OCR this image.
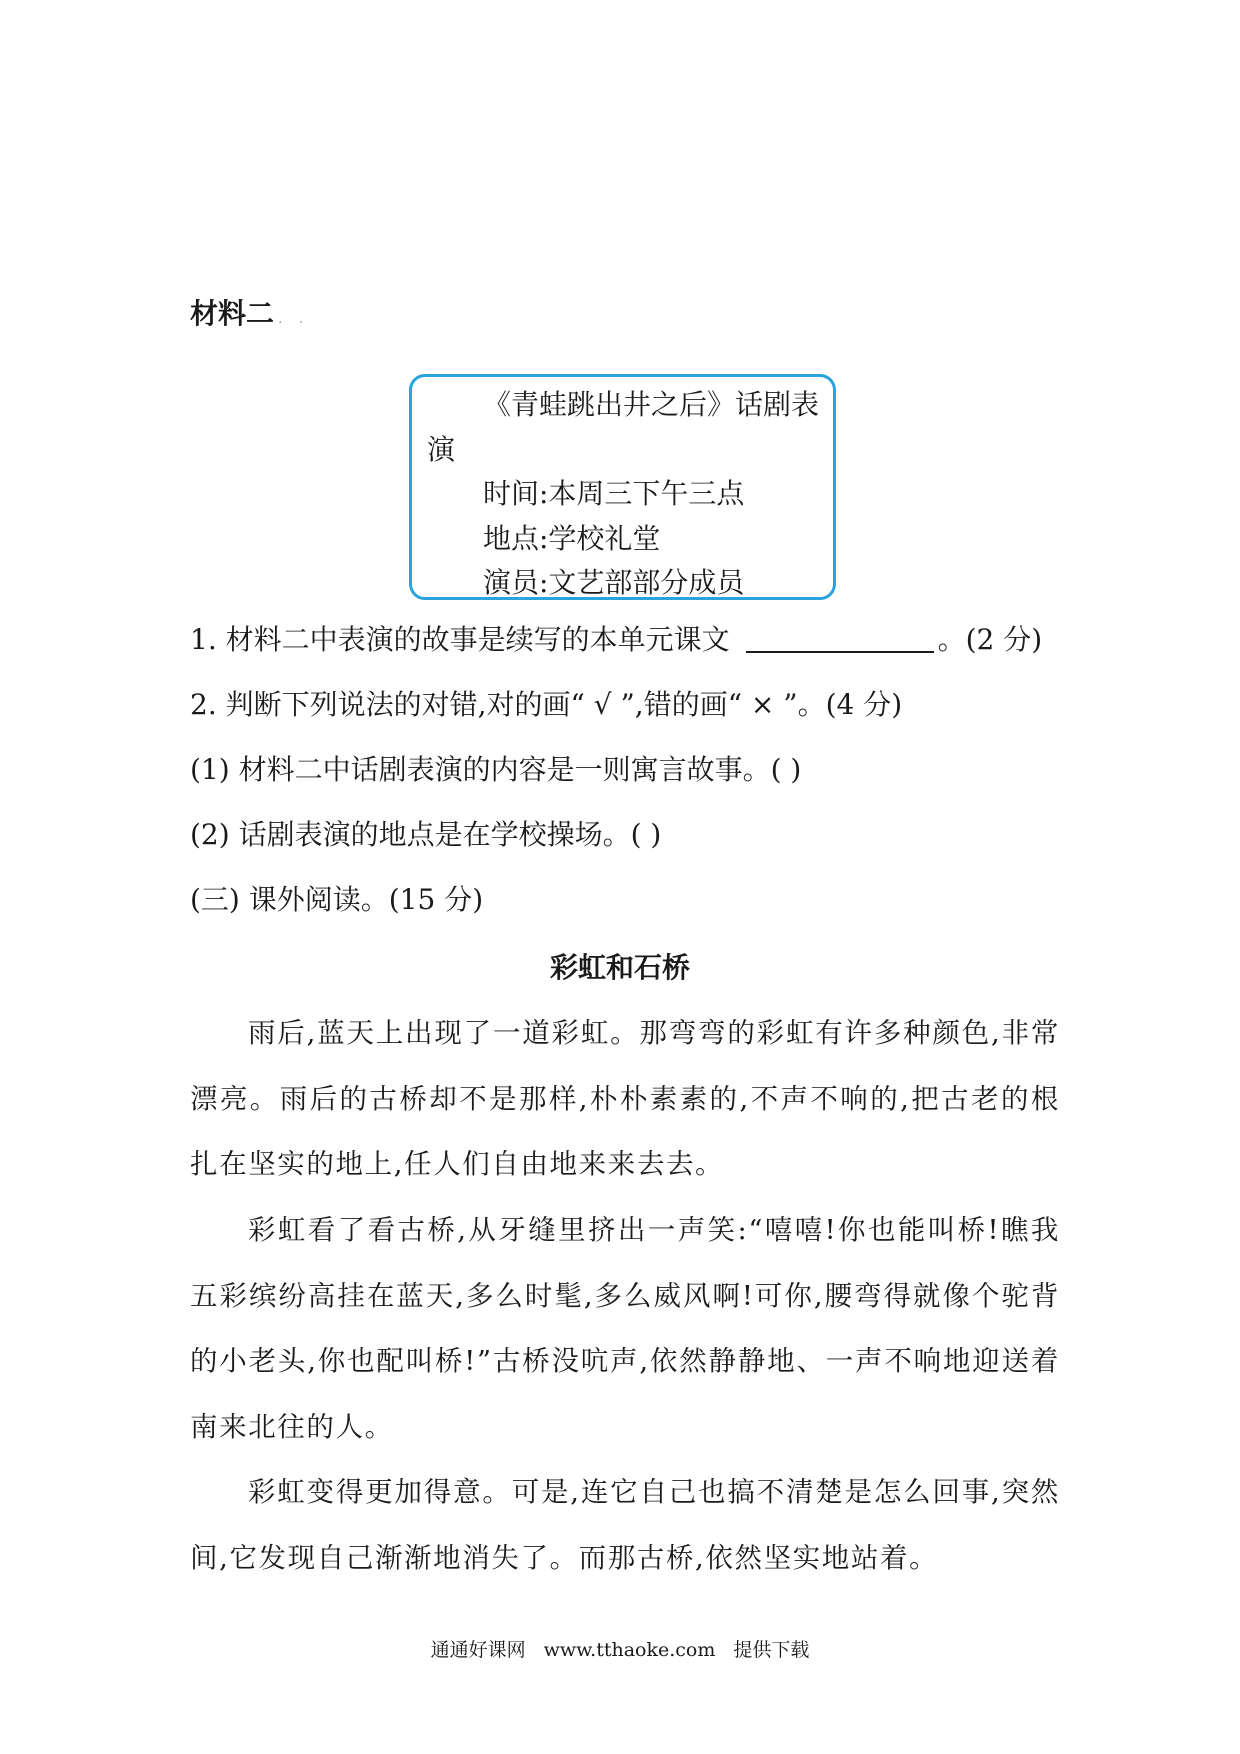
材料二 . .
《青蛙跳出井之后》话剧表演
时间:本周三下午三点
地点:学校礼堂
演员:文艺部部分成员
1. 材料二中表演的故事是续写的本单元课文	。(2 分)
2. 判断下列说法的对错,对的画“ √ ”,错的画“ × ”。(4 分)
(1) 材料二中话剧表演的内容是一则寓言故事。( )
(2) 话剧表演的地点是在学校操场。( )
(三) 课外阅读。(15 分)
彩虹和石桥

雨后,蓝天上出现了一道彩虹。那弯弯的彩虹有许多种颜色,非常漂亮。雨后的古桥却不是那样,朴朴素素的,不声不响的,把古老的根扎在坚实的地上,任人们自由地来来去去。

彩虹看了看古桥,从牙缝里挤出一声笑:“嘻嘻!你也能叫桥!瞧我五彩缤纷高挂在蓝天,多么时髦,多么威风啊!可你,腰弯得就像个驼背的小老头,你也配叫桥!”古桥没吭声,依然静静地、一声不响地迎送着南来北往的人。

彩虹变得更加得意。可是,连它自己也搞不清楚是怎么回事,突然间,它发现自己渐渐地消失了。而那古桥,依然坚实地站着。

通通好课网 www.tthaoke.com 提供下载
